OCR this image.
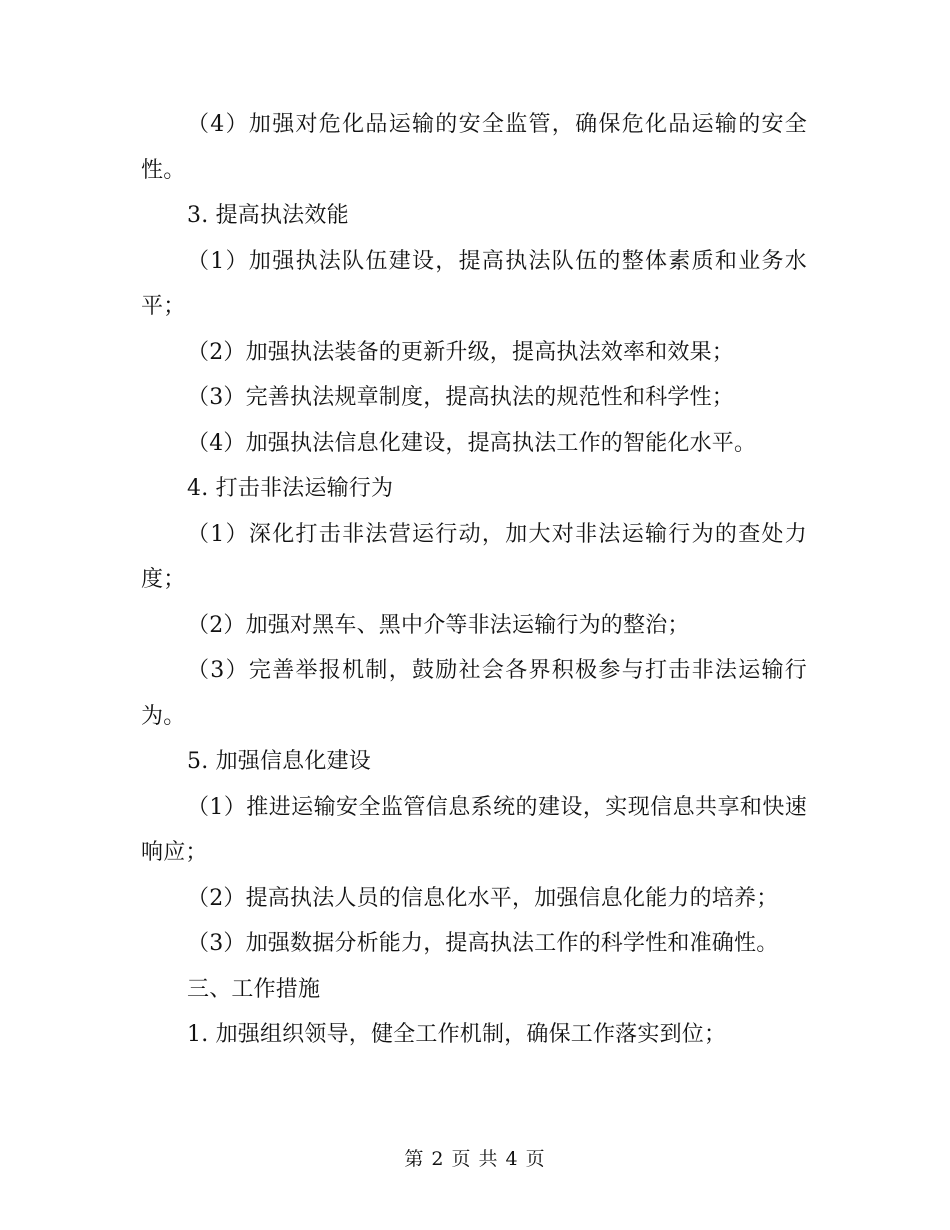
（4）加强对危化品运输的安全监管，确保危化品运输的安全性。

3. 提高执法效能

（1）加强执法队伍建设，提高执法队伍的整体素质和业务水平；

（2）加强执法装备的更新升级，提高执法效率和效果；

（3）完善执法规章制度，提高执法的规范性和科学性；

（4）加强执法信息化建设，提高执法工作的智能化水平。

4. 打击非法运输行为

（1）深化打击非法营运行动，加大对非法运输行为的查处力度；

（2）加强对黑车、黑中介等非法运输行为的整治；

（3）完善举报机制，鼓励社会各界积极参与打击非法运输行为。

5. 加强信息化建设

（1）推进运输安全监管信息系统的建设，实现信息共享和快速响应；

（2）提高执法人员的信息化水平，加强信息化能力的培养；

（3）加强数据分析能力，提高执法工作的科学性和准确性。

三、工作措施

1. 加强组织领导，健全工作机制，确保工作落实到位；

第 2 页 共 4 页
